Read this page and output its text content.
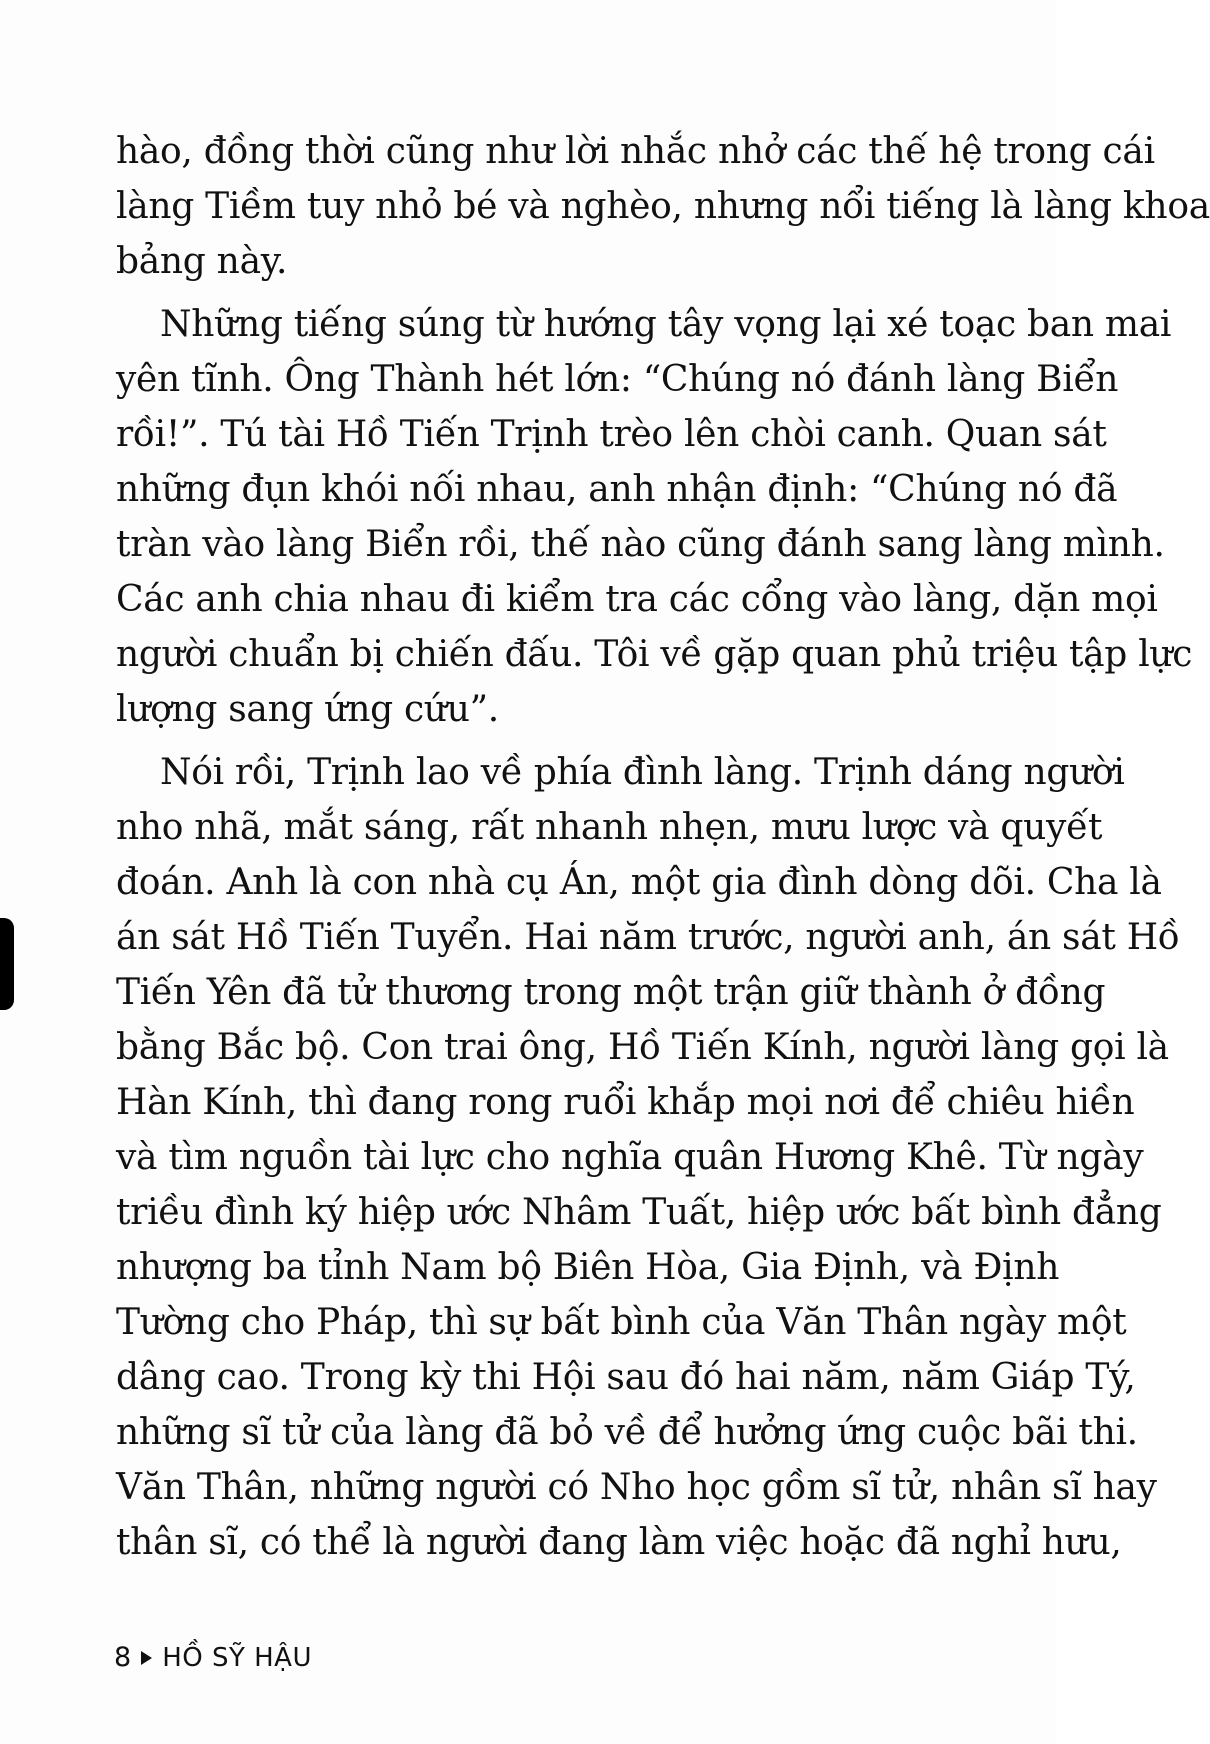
hào, đồng thời cũng như lời nhắc nhở các thế hệ trong cái
làng Tiềm tuy nhỏ bé và nghèo, nhưng nổi tiếng là làng khoa
bảng này.

Những tiếng súng từ hướng tây vọng lại xé toạc ban mai
yên tĩnh. Ông Thành hét lớn: “Chúng nó đánh làng Biển
rồi!”. Tú tài Hồ Tiến Trịnh trèo lên chòi canh. Quan sát
những đụn khói nối nhau, anh nhận định: “Chúng nó đã
tràn vào làng Biển rồi, thế nào cũng đánh sang làng mình.
Các anh chia nhau đi kiểm tra các cổng vào làng, dặn mọi
người chuẩn bị chiến đấu. Tôi về gặp quan phủ triệu tập lực
lượng sang ứng cứu”.

Nói rồi, Trịnh lao về phía đình làng. Trịnh dáng người
nho nhã, mắt sáng, rất nhanh nhẹn, mưu lược và quyết
đoán. Anh là con nhà cụ Án, một gia đình dòng dõi. Cha là
án sát Hồ Tiến Tuyển. Hai năm trước, người anh, án sát Hồ
Tiến Yên đã tử thương trong một trận giữ thành ở đồng
bằng Bắc bộ. Con trai ông, Hồ Tiến Kính, người làng gọi là
Hàn Kính, thì đang rong ruổi khắp mọi nơi để chiêu hiền
và tìm nguồn tài lực cho nghĩa quân Hương Khê. Từ ngày
triều đình ký hiệp ước Nhâm Tuất, hiệp ước bất bình đẳng
nhượng ba tỉnh Nam bộ Biên Hòa, Gia Định, và Định
Tường cho Pháp, thì sự bất bình của Văn Thân ngày một
dâng cao. Trong kỳ thi Hội sau đó hai năm, năm Giáp Tý,
những sĩ tử của làng đã bỏ về để hưởng ứng cuộc bãi thi.
Văn Thân, những người có Nho học gồm sĩ tử, nhân sĩ hay
thân sĩ, có thể là người đang làm việc hoặc đã nghỉ hưu,

8 HỒ SỸ HẬU
